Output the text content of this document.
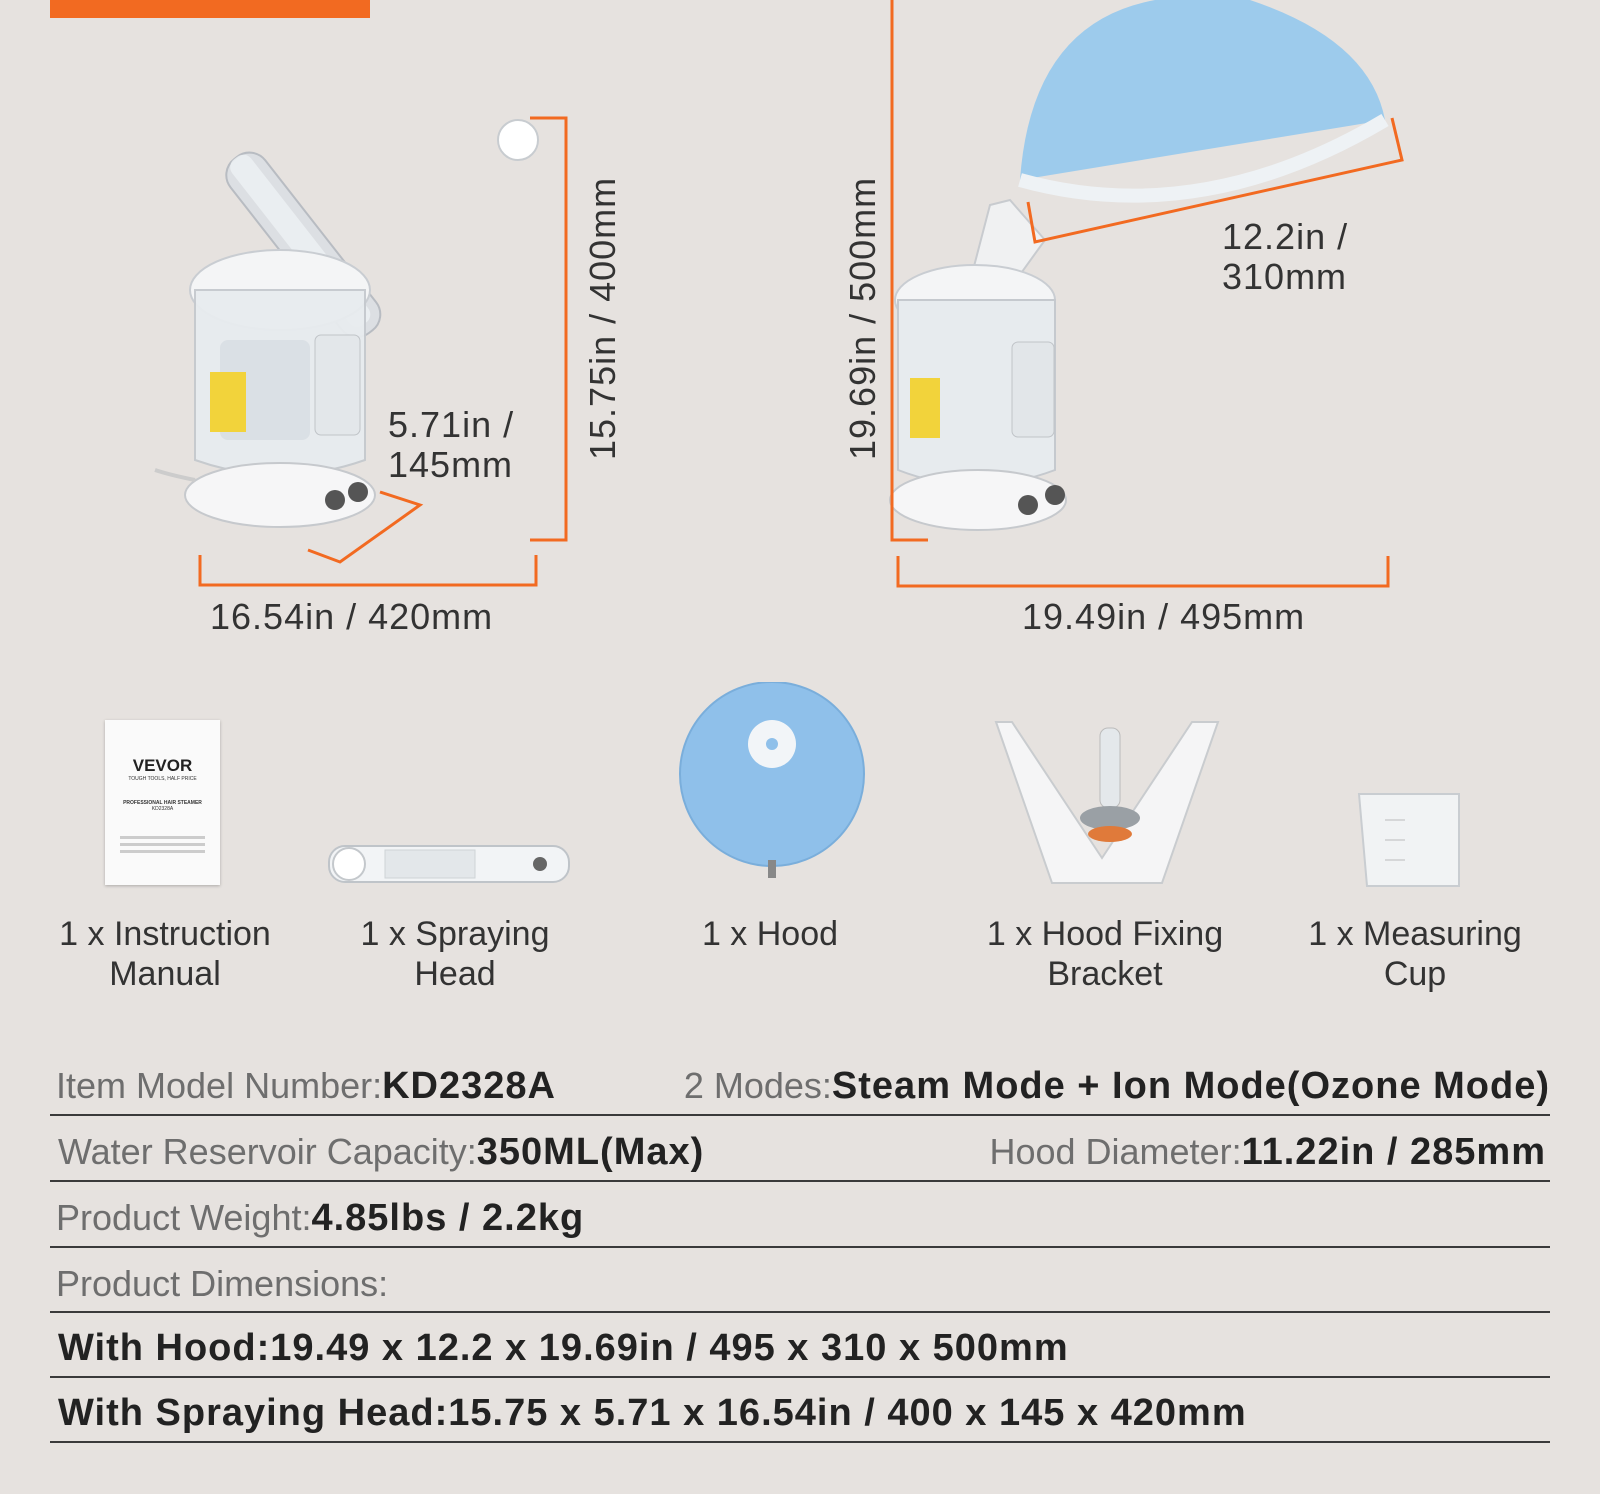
16.54in / 420mm
15.75in / 400mm
5.71in /
145mm
19.49in / 495mm
19.69in / 500mm	12.2in /
310mm
VEVOR
TOUGH TOOLS, HALF PRICE
PROFESSIONAL HAIR STEAMER
KD2328A
1 x Instruction
Manual
1 x Spraying
Head
1 x Hood	1 x Hood Fixing
Bracket
1 x Measuring
Cup
Item Model Number:KD2328A	2 Modes:Steam Mode + Ion Mode(Ozone Mode)
Water Reservoir Capacity:350ML(Max)	Hood Diameter:11.22in / 285mm
Product Weight:4.85lbs / 2.2kg
Product Dimensions:
With Hood:19.49 x 12.2 x 19.69in / 495 x 310 x 500mm
With Spraying Head:15.75 x 5.71 x 16.54in / 400 x 145 x 420mm
